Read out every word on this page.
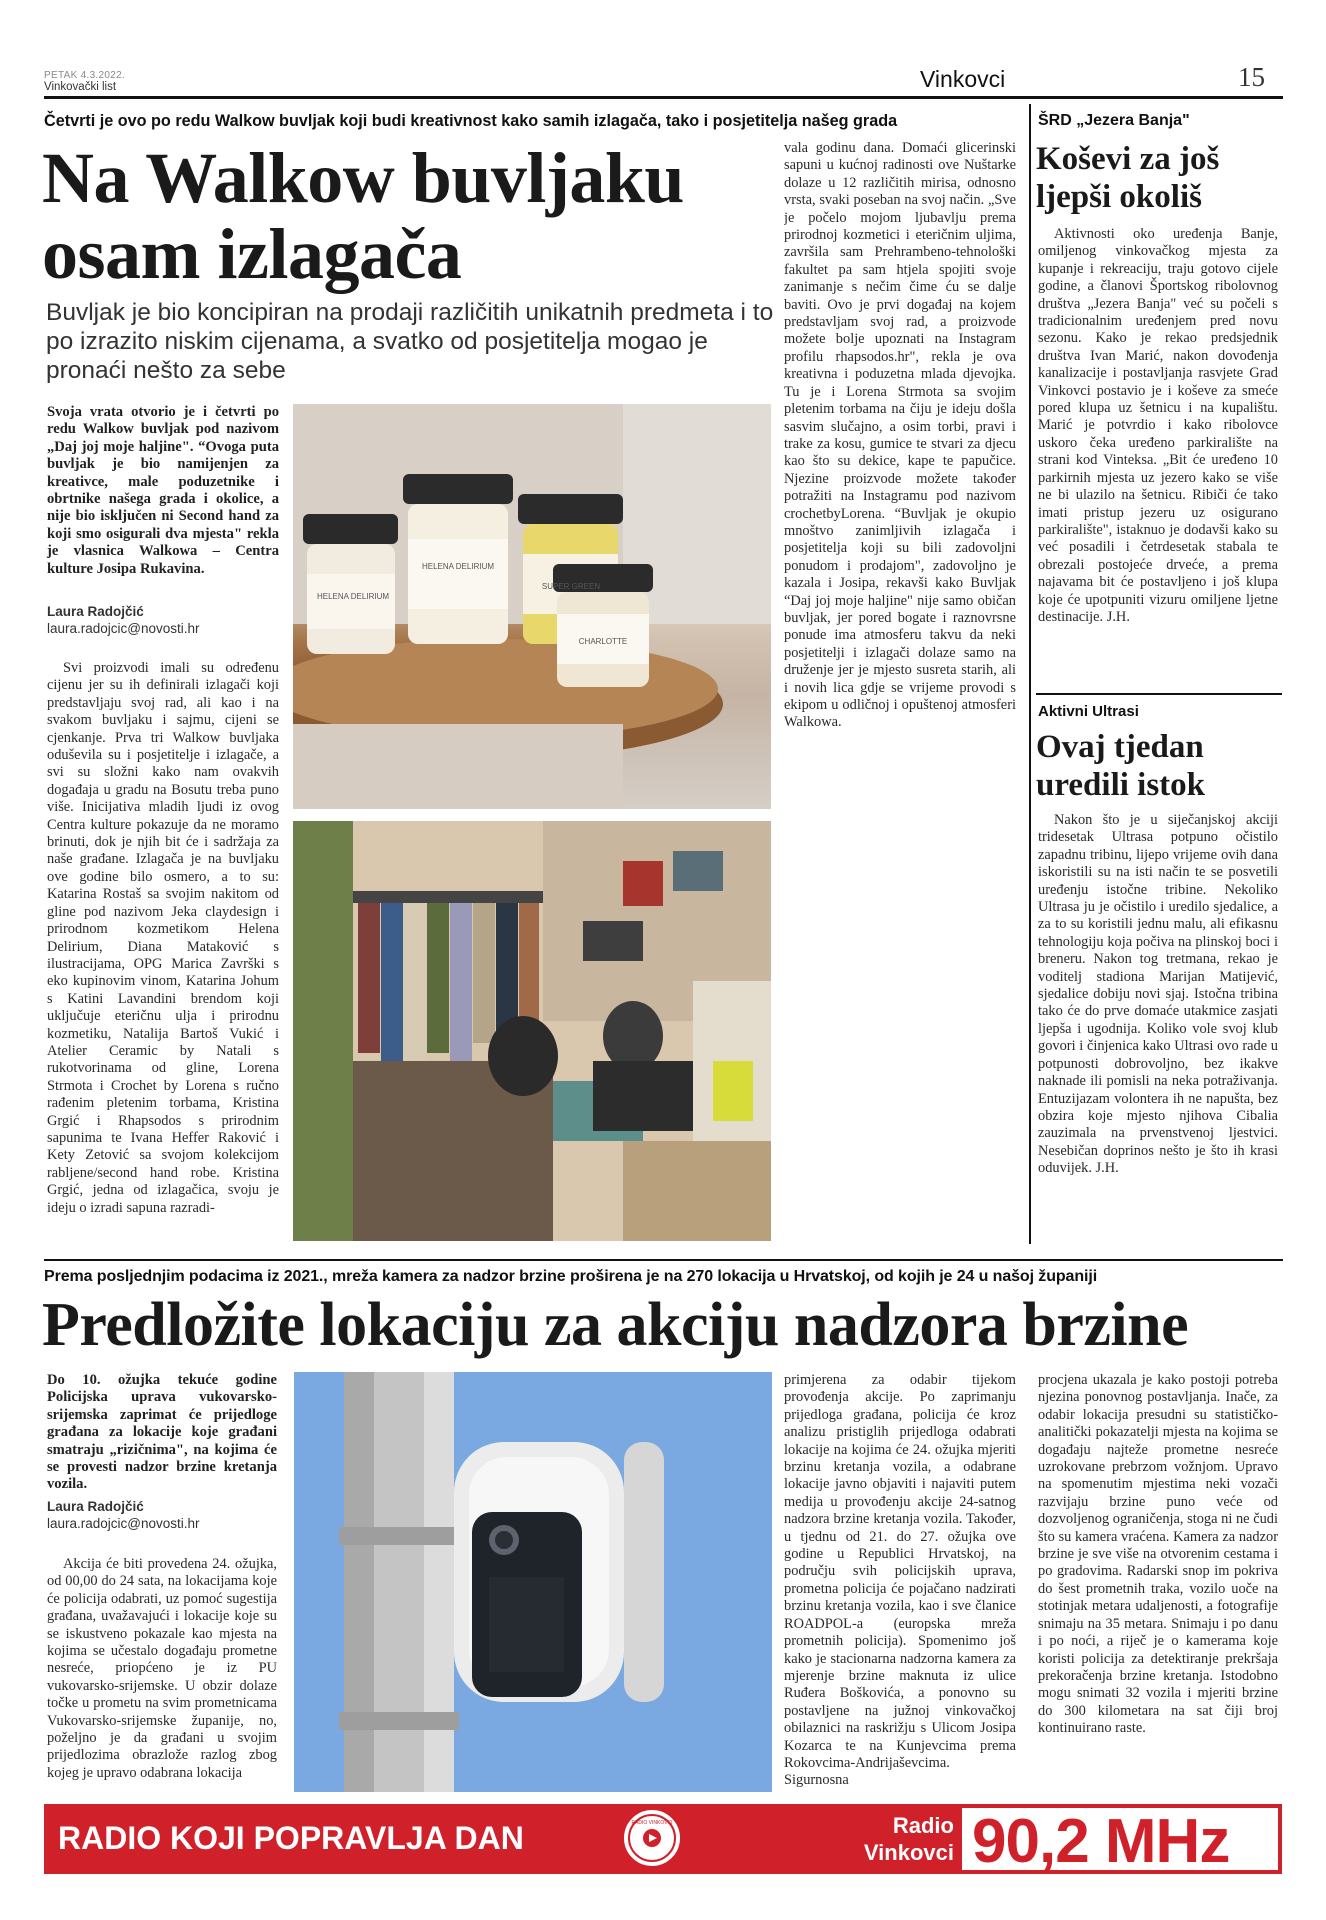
PETAK 4.3.2022.
Vinkovački list	Vinkovci	15
Četvrti je ovo po redu Walkow buvljak koji budi kreativnost kako samih izlagača, tako i posjetitelja našeg grada
Na Walkow buvljaku
osam izlagača
Buvljak je bio koncipiran na prodaji različitih unikatnih predmeta i to po izrazito niskim cijenama, a svatko od posjetitelja mogao je pronaći nešto za sebe
Svoja vrata otvorio je i četvrti po redu Walkow buvljak pod nazivom „Daj joj moje haljine". “Ovoga puta buvljak je bio namijenjen za kreativce, male poduzetnike i obrtnike našega grada i okolice, a nije bio isključen ni Second hand za koji smo osigurali dva mjesta" rekla je vlasnica Walkowa – Centra kulture Josipa Rukavina.
Laura Radojčić
laura.radojcic@novosti.hr

Svi proizvodi imali su određenu cijenu jer su ih definirali izlagači koji predstavljaju svoj rad, ali kao i na svakom buvljaku i sajmu, cijeni se cjenkanje. Prva tri Walkow buvljaka oduševila su i posjetitelje i izlagače, a svi su složni kako nam ovakvih događaja u gradu na Bosutu treba puno više. Inicijativa mladih ljudi iz ovog Centra kulture pokazuje da ne moramo brinuti, dok je njih bit će i sadržaja za naše građane. Izlagača je na buvljaku ove godine bilo osmero, a to su: Katarina Rostaš sa svojim nakitom od gline pod nazivom Jeka claydesign i prirodnom kozmetikom Helena Delirium, Diana Mataković s ilustracijama, OPG Marica Završki s eko kupinovim vinom, Katarina Johum s Katini Lavandini brendom koji uključuje eteričnu ulja i prirodnu kozmetiku, Natalija Bartoš Vukić i Atelier Ceramic by Natali s rukotvorinama od gline, Lorena Strmota i Crochet by Lorena s ručno rađenim pletenim torbama, Kristina Grgić i Rhapsodos s prirodnim sapunima te Ivana Heffer Raković i Kety Zetović sa svojom kolekcijom rabljene/second hand robe. Kristina Grgić, jedna od izlagačica, svoju je ideju o izradi sapuna razradi-

HELENA DELIRIUM
HELENA DELIRIUM
SUPER GREEN
CHARLOTTE
vala godinu dana. Domaći glicerinski sapuni u kućnoj radinosti ove Nuštarke dolaze u 12 različitih mirisa, odnosno vrsta, svaki poseban na svoj način. „Sve je počelo mojom ljubavlju prema prirodnoj kozmetici i eteričnim uljima, završila sam Prehrambeno-tehnološki fakultet pa sam htjela spojiti svoje zanimanje s nečim čime ću se dalje baviti. Ovo je prvi događaj na kojem predstavljam svoj rad, a proizvode možete bolje upoznati na Instagram profilu rhapsodos.hr", rekla je ova kreativna i poduzetna mlada djevojka. Tu je i Lorena Strmota sa svojim pletenim torbama na čiju je ideju došla sasvim slučajno, a osim torbi, pravi i trake za kosu, gumice te stvari za djecu kao što su dekice, kape te papučice. Njezine proizvode možete također potražiti na Instagramu pod nazivom crochetbyLorena. “Buvljak je okupio mnoštvo zanimljivih izlagača i posjetitelja koji su bili zadovoljni ponudom i prodajom", zadovoljno je kazala i Josipa, rekavši kako Buvljak “Daj joj moje haljine" nije samo običan buvljak, jer pored bogate i raznovrsne ponude ima atmosferu takvu da neki posjetitelji i izlagači dolaze samo na druženje jer je mjesto susreta starih, ali i novih lica gdje se vrijeme provodi s ekipom u odličnoj i opuštenoj atmosferi Walkowa.
ŠRD „Jezera Banja"
Koševi za još ljepši okoliš

Aktivnosti oko uređenja Banje, omiljenog vinkovačkog mjesta za kupanje i rekreaciju, traju gotovo cijele godine, a članovi Športskog ribolovnog društva „Jezera Banja" već su počeli s tradicionalnim uređenjem pred novu sezonu. Kako je rekao predsjednik društva Ivan Marić, nakon dovođenja kanalizacije i postavljanja rasvjete Grad Vinkovci postavio je i koševe za smeće pored klupa uz šetnicu i na kupalištu. Marić je potvrdio i kako ribolovce uskoro čeka uređeno parkiralište na strani kod Vinteksa. „Bit će uređeno 10 parkirnih mjesta uz jezero kako se više ne bi ulazilo na šetnicu. Ribiči će tako imati pristup jezeru uz osigurano parkiralište", istaknuo je dodavši kako su već posadili i četrdesetak stabala te obrezali postojeće drveće, a prema najavama bit će postavljeno i još klupa koje će upotpuniti vizuru omiljene ljetne destinacije. J.H.

Aktivni Ultrasi
Ovaj tjedan uredili istok

Nakon što je u siječanjskoj akciji tridesetak Ultrasa potpuno očistilo zapadnu tribinu, lijepo vrijeme ovih dana iskoristili su na isti način te se posvetili uređenju istočne tribine. Nekoliko Ultrasa ju je očistilo i uredilo sjedalice, a za to su koristili jednu malu, ali efikasnu tehnologiju koja počiva na plinskoj boci i breneru. Nakon tog tretmana, rekao je voditelj stadiona Marijan Matijević, sjedalice dobiju novi sjaj. Istočna tribina tako će do prve domaće utakmice zasjati ljepša i ugodnija. Koliko vole svoj klub govori i činjenica kako Ultrasi ovo rade u potpunosti dobrovoljno, bez ikakve naknade ili pomisli na neka potraživanja. Entuzijazam volontera ih ne napušta, bez obzira koje mjesto njihova Cibalia zauzimala na prvenstvenoj ljestvici. Nesebičan doprinos nešto je što ih krasi oduvijek. J.H.

Prema posljednjim podacima iz 2021., mreža kamera za nadzor brzine proširena je na 270 lokacija u Hrvatskoj, od kojih je 24 u našoj županiji
Predložite lokaciju za akciju nadzora brzine
Do 10. ožujka tekuće godine Policijska uprava vukovarsko-srijemska zaprimat će prijedloge građana za lokacije koje građani smatraju „rizičnima", na kojima će se provesti nadzor brzine kretanja vozila.
Laura Radojčić
laura.radojcic@novosti.hr

Akcija će biti provedena 24. ožujka, od 00,00 do 24 sata, na lokacijama koje će policija odabrati, uz pomoć sugestija građana, uvažavajući i lokacije koje su se iskustveno pokazale kao mjesta na kojima se učestalo događaju prometne nesreće, priopćeno je iz PU vukovarsko-srijemske. U obzir dolaze točke u prometu na svim prometnicama Vukovarsko-srijemske županije, no, poželjno je da građani u svojim prijedlozima obrazlože razlog zbog kojeg je upravo odabrana lokacija

primjerena za odabir tijekom provođenja akcije. Po zaprimanju prijedloga građana, policija će kroz analizu pristiglih prijedloga odabrati lokacije na kojima će 24. ožujka mjeriti brzinu kretanja vozila, a odabrane lokacije javno objaviti i najaviti putem medija u provođenju akcije 24-satnog nadzora brzine kretanja vozila. Također, u tjednu od 21. do 27. ožujka ove godine u Republici Hrvatskoj, na području svih policijskih uprava, prometna policija će pojačano nadzirati brzinu kretanja vozila, kao i sve članice ROADPOL-a (europska mreža prometnih policija). Spomenimo još kako je stacionarna nadzorna kamera za mjerenje brzine maknuta iz ulice Ruđera Boškovića, a ponovno su postavljene na južnoj vinkovačkoj obilaznici na raskrižju s Ulicom Josipa Kozarca te na Kunjevcima prema Rokovcima-Andrijaševcima. Sigurnosna
procjena ukazala je kako postoji potreba njezina ponovnog postavljanja. Inače, za odabir lokacija presudni su statističko-analitički pokazatelji mjesta na kojima se događaju najteže prometne nesreće uzrokovane prebrzom vožnjom. Upravo na spomenutim mjestima neki vozači razvijaju brzine puno veće od dozvoljenog ograničenja, stoga ni ne čudi što su kamera vraćena. Kamera za nadzor brzine je sve više na otvorenim cestama i po gradovima. Radarski snop im pokriva do šest prometnih traka, vozilo uoče na stotinjak metara udaljenosti, a fotografije snimaju na 35 metara. Snimaju i po danu i po noći, a riječ je o kamerama koje koristi policija za detektiranje prekršaja prekoračenja brzine kretanja. Istodobno mogu snimati 32 vozila i mjeriti brzine do 300 kilometara na sat čiji broj kontinuirano raste.
RADIO KOJI POPRAVLJA DAN	RADIO VINKOVCI	Radio
Vinkovci 90,2 MHz
